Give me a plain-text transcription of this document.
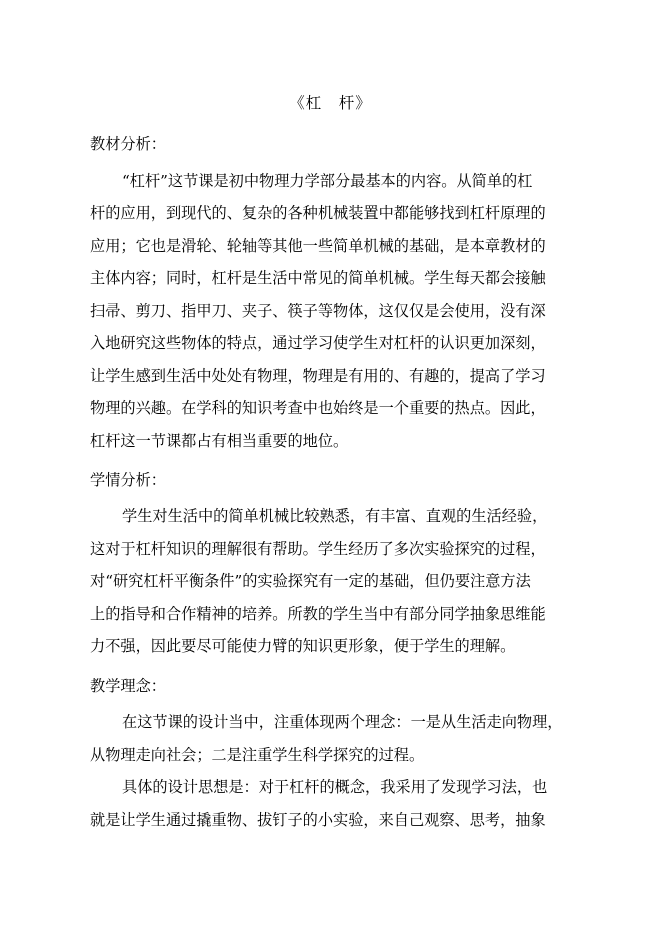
《杠　杆》
教材分析：
“杠杆”这节课是初中物理力学部分最基本的内容。从简单的杠
杆的应用，到现代的、复杂的各种机械装置中都能够找到杠杆原理的
应用；它也是滑轮、轮轴等其他一些简单机械的基础，是本章教材的
主体内容；同时，杠杆是生活中常见的简单机械。学生每天都会接触
扫帚、剪刀、指甲刀、夹子、筷子等物体，这仅仅是会使用，没有深
入地研究这些物体的特点，通过学习使学生对杠杆的认识更加深刻，
让学生感到生活中处处有物理，物理是有用的、有趣的，提高了学习
物理的兴趣。在学科的知识考查中也始终是一个重要的热点。因此，
杠杆这一节课都占有相当重要的地位。
学情分析：
学生对生活中的简单机械比较熟悉，有丰富、直观的生活经验，
这对于杠杆知识的理解很有帮助。学生经历了多次实验探究的过程，
对“研究杠杆平衡条件”的实验探究有一定的基础，但仍要注意方法
上的指导和合作精神的培养。所教的学生当中有部分同学抽象思维能
力不强，因此要尽可能使力臂的知识更形象，便于学生的理解。
教学理念：
在这节课的设计当中，注重体现两个理念：一是从生活走向物理，
从物理走向社会；二是注重学生科学探究的过程。
具体的设计思想是：对于杠杆的概念，我采用了发现学习法，也
就是让学生通过撬重物、拔钉子的小实验，来自己观察、思考，抽象
